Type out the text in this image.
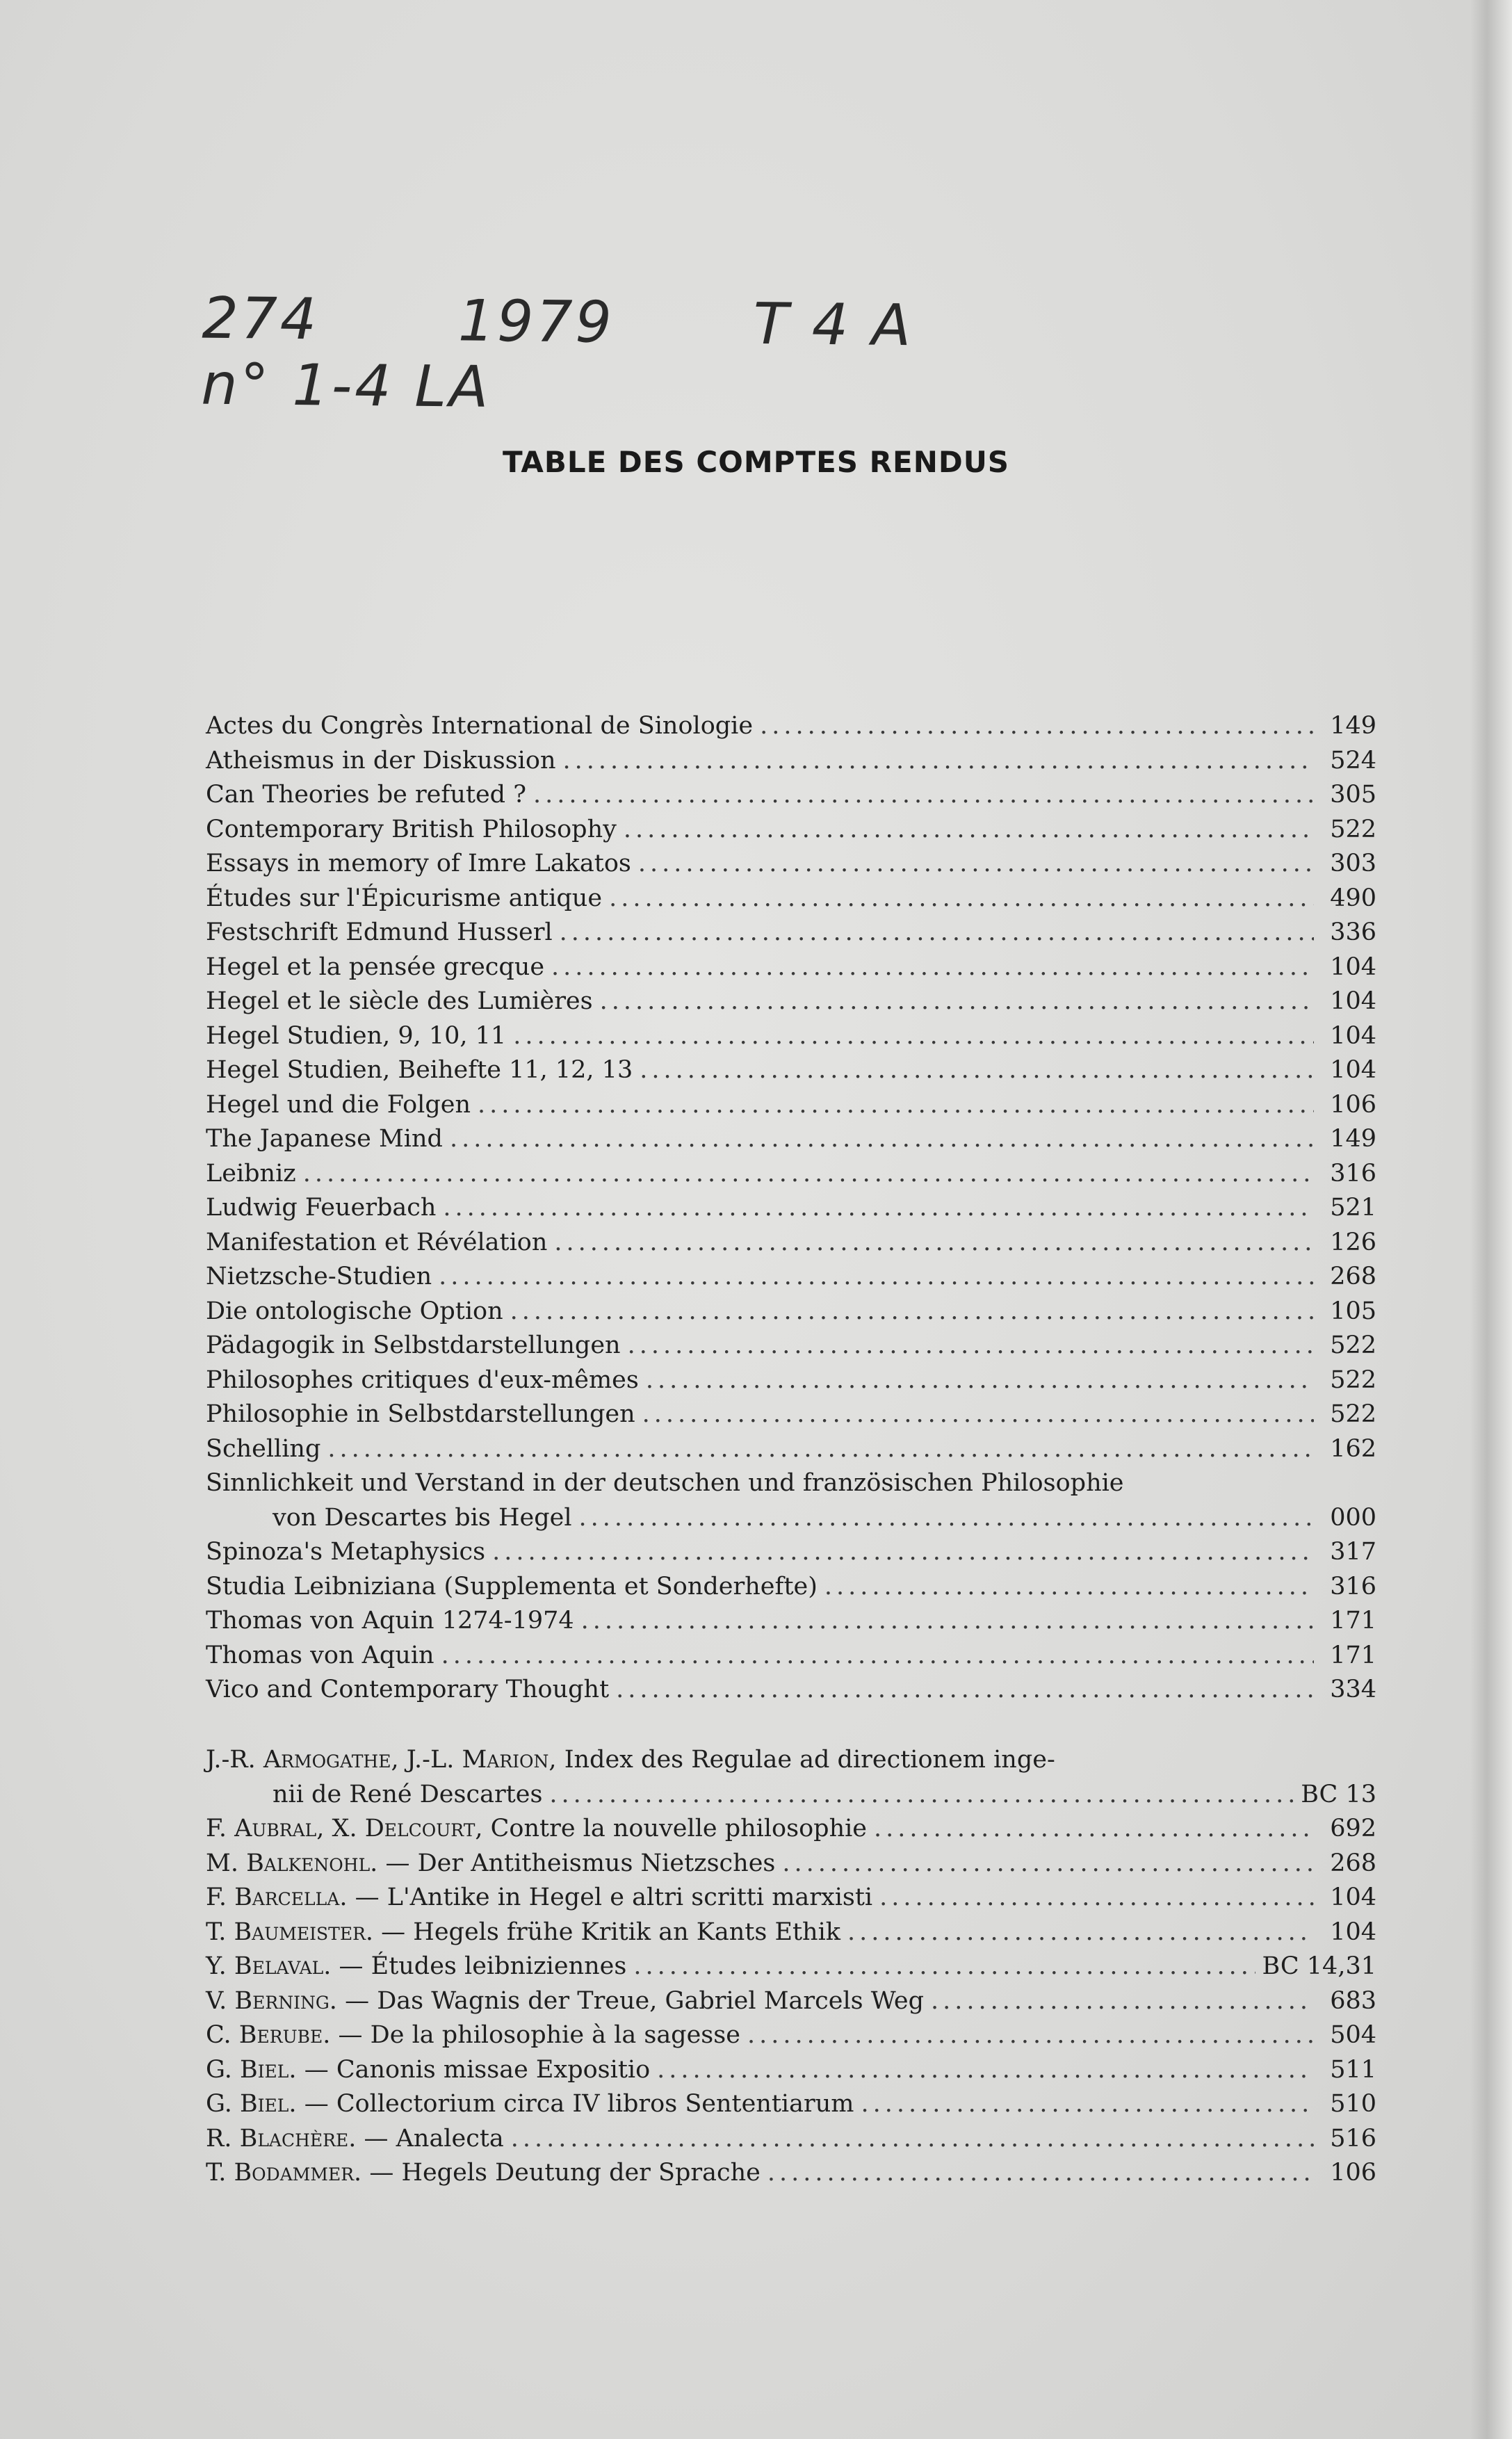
274 1979 T 4 An° 1-4 LA
TABLE DES COMPTES RENDUS
Actes du Congrès International de Sinologie .....	149
Atheismus in der Diskussion .....	524
Can Theories be refuted ? .....	305
Contemporary British Philosophy .....	522
Essays in memory of Imre Lakatos .....	303
Études sur l'Épicurisme antique .....	490
Festschrift Edmund Husserl .....	336
Hegel et la pensée grecque .....	104
Hegel et le siècle des Lumières .....	104
Hegel Studien, 9, 10, 11 .....	104
Hegel Studien, Beihefte 11, 12, 13 .....	104
Hegel und die Folgen .....	106
The Japanese Mind .....	149
Leibniz .....	316
Ludwig Feuerbach .....	521
Manifestation et Révélation .....	126
Nietzsche-Studien .....	268
Die ontologische Option .....	105
Pädagogik in Selbstdarstellungen .....	522
Philosophes critiques d'eux-mêmes .....	522
Philosophie in Selbstdarstellungen .....	522
Schelling .....	162
Sinnlichkeit und Verstand in der deutschen und französischen Philosophie
von Descartes bis Hegel .....	000
Spinoza's Metaphysics .....	317
Studia Leibniziana (Supplementa et Sonderhefte) .....	316
Thomas von Aquin 1274-1974 .....	171
Thomas von Aquin .....	171
Vico and Contemporary Thought .....	334
J.-R. Armogathe, J.-L. Marion, Index des Regulae ad directionem inge-
nii de René Descartes .....	BC 13
F. Aubral, X. Delcourt, Contre la nouvelle philosophie .....	692
M. Balkenohl. — Der Antitheismus Nietzsches .....	268
F. Barcella. — L'Antike in Hegel e altri scritti marxisti .....	104
T. Baumeister. — Hegels frühe Kritik an Kants Ethik .....	104
Y. Belaval. — Études leibniziennes .....	BC 14,31
V. Berning. — Das Wagnis der Treue, Gabriel Marcels Weg .....	683
C. Berube. — De la philosophie à la sagesse .....	504
G. Biel. — Canonis missae Expositio .....	511
G. Biel. — Collectorium circa IV libros Sententiarum .....	510
R. Blachère. — Analecta .....	516
T. Bodammer. — Hegels Deutung der Sprache .....	106
